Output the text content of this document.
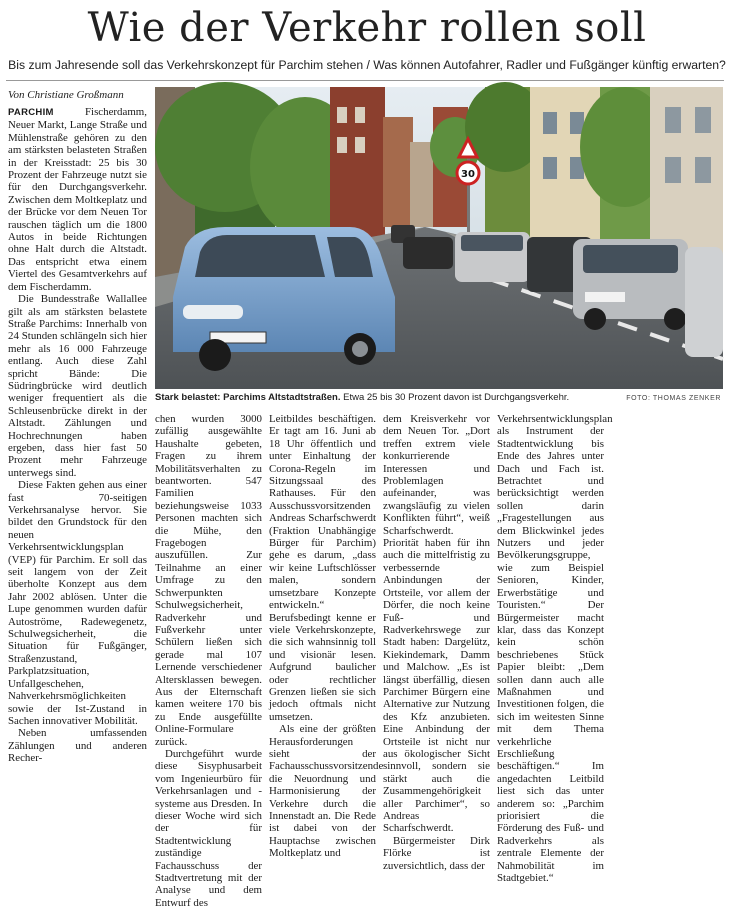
Wie der Verkehr rollen soll
Bis zum Jahresende soll das Verkehrskonzept für Parchim stehen / Was können Autofahrer, Radler und Fußgänger künftig erwarten?
Von Christiane Großmann
30
Stark belastet: Parchims Altstadtstraßen. Etwa 25 bis 30 Prozent davon ist Durchgangsverkehr.	FOTO: THOMAS ZENKER

PARCHIM Fischerdamm, Neuer Markt, Lange Straße und Mühlenstraße gehören zu den am stärksten belasteten Straßen in der Kreisstadt: 25 bis 30 Prozent der Fahrzeuge nutzt sie für den Durchgangsverkehr. Zwischen dem Moltkeplatz und der Brücke vor dem Neuen Tor rauschen täglich um die 1800 Autos in beide Richtungen ohne Halt durch die Altstadt. Das entspricht etwa einem Viertel des Gesamtverkehrs auf dem Fischerdamm.

Die Bundesstraße Wallallee gilt als am stärksten belastete Straße Parchims: Innerhalb von 24 Stunden schlängeln sich hier mehr als 16 000 Fahrzeuge entlang. Auch diese Zahl spricht Bände: Die Südringbrücke wird deutlich weniger frequentiert als die Schleusenbrücke direkt in der Altstadt. Zählungen und Hochrechnungen haben ergeben, dass hier fast 50 Prozent mehr Fahrzeuge unterwegs sind.

Diese Fakten gehen aus einer fast 70-seitigen Verkehrsanalyse hervor. Sie bildet den Grundstock für den neuen Verkehrsentwicklungsplan (VEP) für Parchim. Er soll das seit langem von der Zeit überholte Konzept aus dem Jahr 2002 ablösen. Unter die Lupe genommen wurden dafür Autoströme, Radewegenetz, Schulwegsicherheit, die Situation für Fußgänger, Straßenzustand, Parkplatzsituation, Unfallgeschehen, Nahverkehrsmöglichkeiten sowie der Ist-Zustand in Sachen innovativer Mobilität.

Neben umfassenden Zählungen und anderen Recher-

chen wurden 3000 zufällig ausgewählte Haushalte gebeten, Fragen zu ihrem Mobilitätsverhalten zu beantworten. 547 Familien beziehungsweise 1033 Personen machten sich die Mühe, den Fragebogen auszufüllen. Zur Teilnahme an einer Umfrage zu den Schwerpunkten Schulwegsicherheit, Radverkehr und Fußverkehr unter Schülern ließen sich gerade mal 107 Lernende verschiedener Altersklassen bewegen. Aus der Elternschaft kamen weitere 170 bis zu Ende ausgefüllte Online-Formulare zurück.

Durchgeführt wurde diese Sisyphusarbeit vom Ingenieurbüro für Verkehrsanlagen und -systeme aus Dresden. In dieser Woche wird sich der für Stadtentwicklung zuständige Fachausschuss der Stadtvertretung mit der Analyse und dem Entwurf des

Leitbildes beschäftigen. Er tagt am 16. Juni ab 18 Uhr öffentlich und unter Einhaltung der Corona-Regeln im Sitzungssaal des Rathauses. Für den Ausschussvorsitzenden Andreas Scharfschwerdt (Fraktion Unabhängige Bürger für Parchim) gehe es darum, „dass wir keine Luftschlösser malen, sondern umsetzbare Konzepte entwickeln.“ Berufsbedingt kenne er viele Verkehrskonzepte, die sich wahnsinnig toll und visionär lesen. Aufgrund baulicher oder rechtlicher Grenzen ließen sie sich jedoch oftmals nicht umsetzen.

Als eine der größten Herausforderungen sieht der Fachausschussvorsitzende die Neuordnung und Harmonisierung der Verkehre durch die Innenstadt an. Die Rede ist dabei von der Hauptachse zwischen Moltkeplatz und

dem Kreisverkehr vor dem Neuen Tor. „Dort treffen extrem viele konkurrierende Interessen und Problemlagen aufeinander, was zwangsläufig zu vielen Konflikten führt“, weiß Scharfschwerdt. Priorität haben für ihn auch die mittelfristig zu verbessernde Anbindungen der Ortsteile, vor allem der Dörfer, die noch keine Fuß- und Radverkehrswege zur Stadt haben: Dargelütz, Kiekindemark, Damm und Malchow. „Es ist längst überfällig, diesen Parchimer Bürgern eine Alternative zur Nutzung des Kfz anzubieten. Eine Anbindung der Ortsteile ist nicht nur aus ökologischer Sicht sinnvoll, sondern sie stärkt auch die Zusammengehörigkeit aller Parchimer“, so Andreas Scharfschwerdt.

Bürgermeister Dirk Flörke ist zuversichtlich, dass der

Verkehrsentwicklungsplan als Instrument der Stadtentwicklung bis Ende des Jahres unter Dach und Fach ist. Betrachtet und berücksichtigt werden sollen darin „Fragestellungen aus dem Blickwinkel jedes Nutzers und jeder Bevölkerungsgruppe, wie zum Beispiel Senioren, Kinder, Erwerbstätige und Touristen.“ Der Bürgermeister macht klar, dass das Konzept kein schön beschriebenes Stück Papier bleibt: „Dem sollen dann auch alle Maßnahmen und Investitionen folgen, die sich im weitesten Sinne mit dem Thema verkehrliche Erschließung beschäftigen.“ Im angedachten Leitbild liest sich das unter anderem so: „Parchim priorisiert die Förderung des Fuß- und Radverkehrs als zentrale Elemente der Nahmobilität im Stadtgebiet.“
